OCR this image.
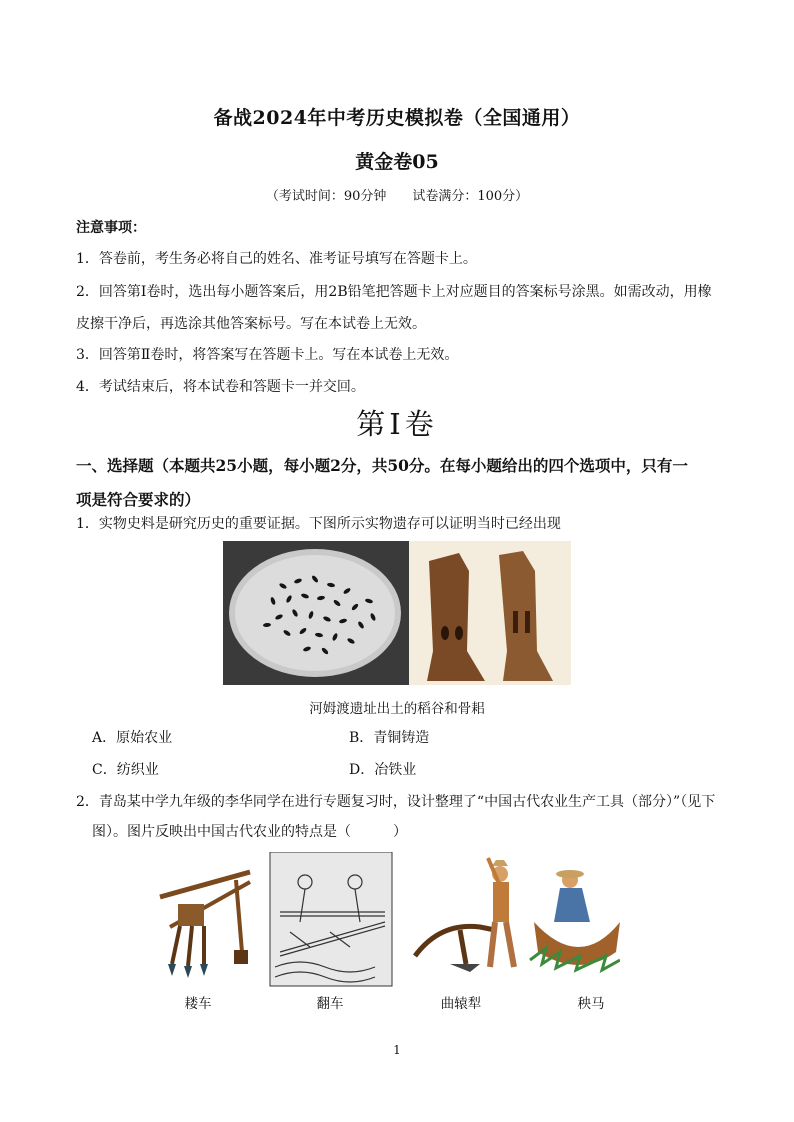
备战2024年中考历史模拟卷（全国通用）
黄金卷05
（考试时间：90分钟　　试卷满分：100分）
注意事项：
1．答卷前，考生务必将自己的姓名、准考证号填写在答题卡上。
2．回答第Ⅰ卷时，选出每小题答案后，用2B铅笔把答题卡上对应题目的答案标号涂黑。如需改动，用橡
皮擦干净后，再选涂其他答案标号。写在本试卷上无效。
3．回答第Ⅱ卷时，将答案写在答题卡上。写在本试卷上无效。
4．考试结束后，将本试卷和答题卡一并交回。
第Ⅰ卷
一、选择题（本题共25小题，每小题2分，共50分。在每小题给出的四个选项中，只有一
项是符合要求的）
1．实物史料是研究历史的重要证据。下图所示实物遗存可以证明当时已经出现
河姆渡遗址出土的稻谷和骨耜
A．原始农业	B．青铜铸造
C．纺织业	D．冶铁业
2．青岛某中学九年级的李华同学在进行专题复习时，设计整理了“中国古代农业生产工具（部分）”（见下
图）。图片反映出中国古代农业的特点是（　　　）
耧车	翻车	曲辕犁	秧马
1
